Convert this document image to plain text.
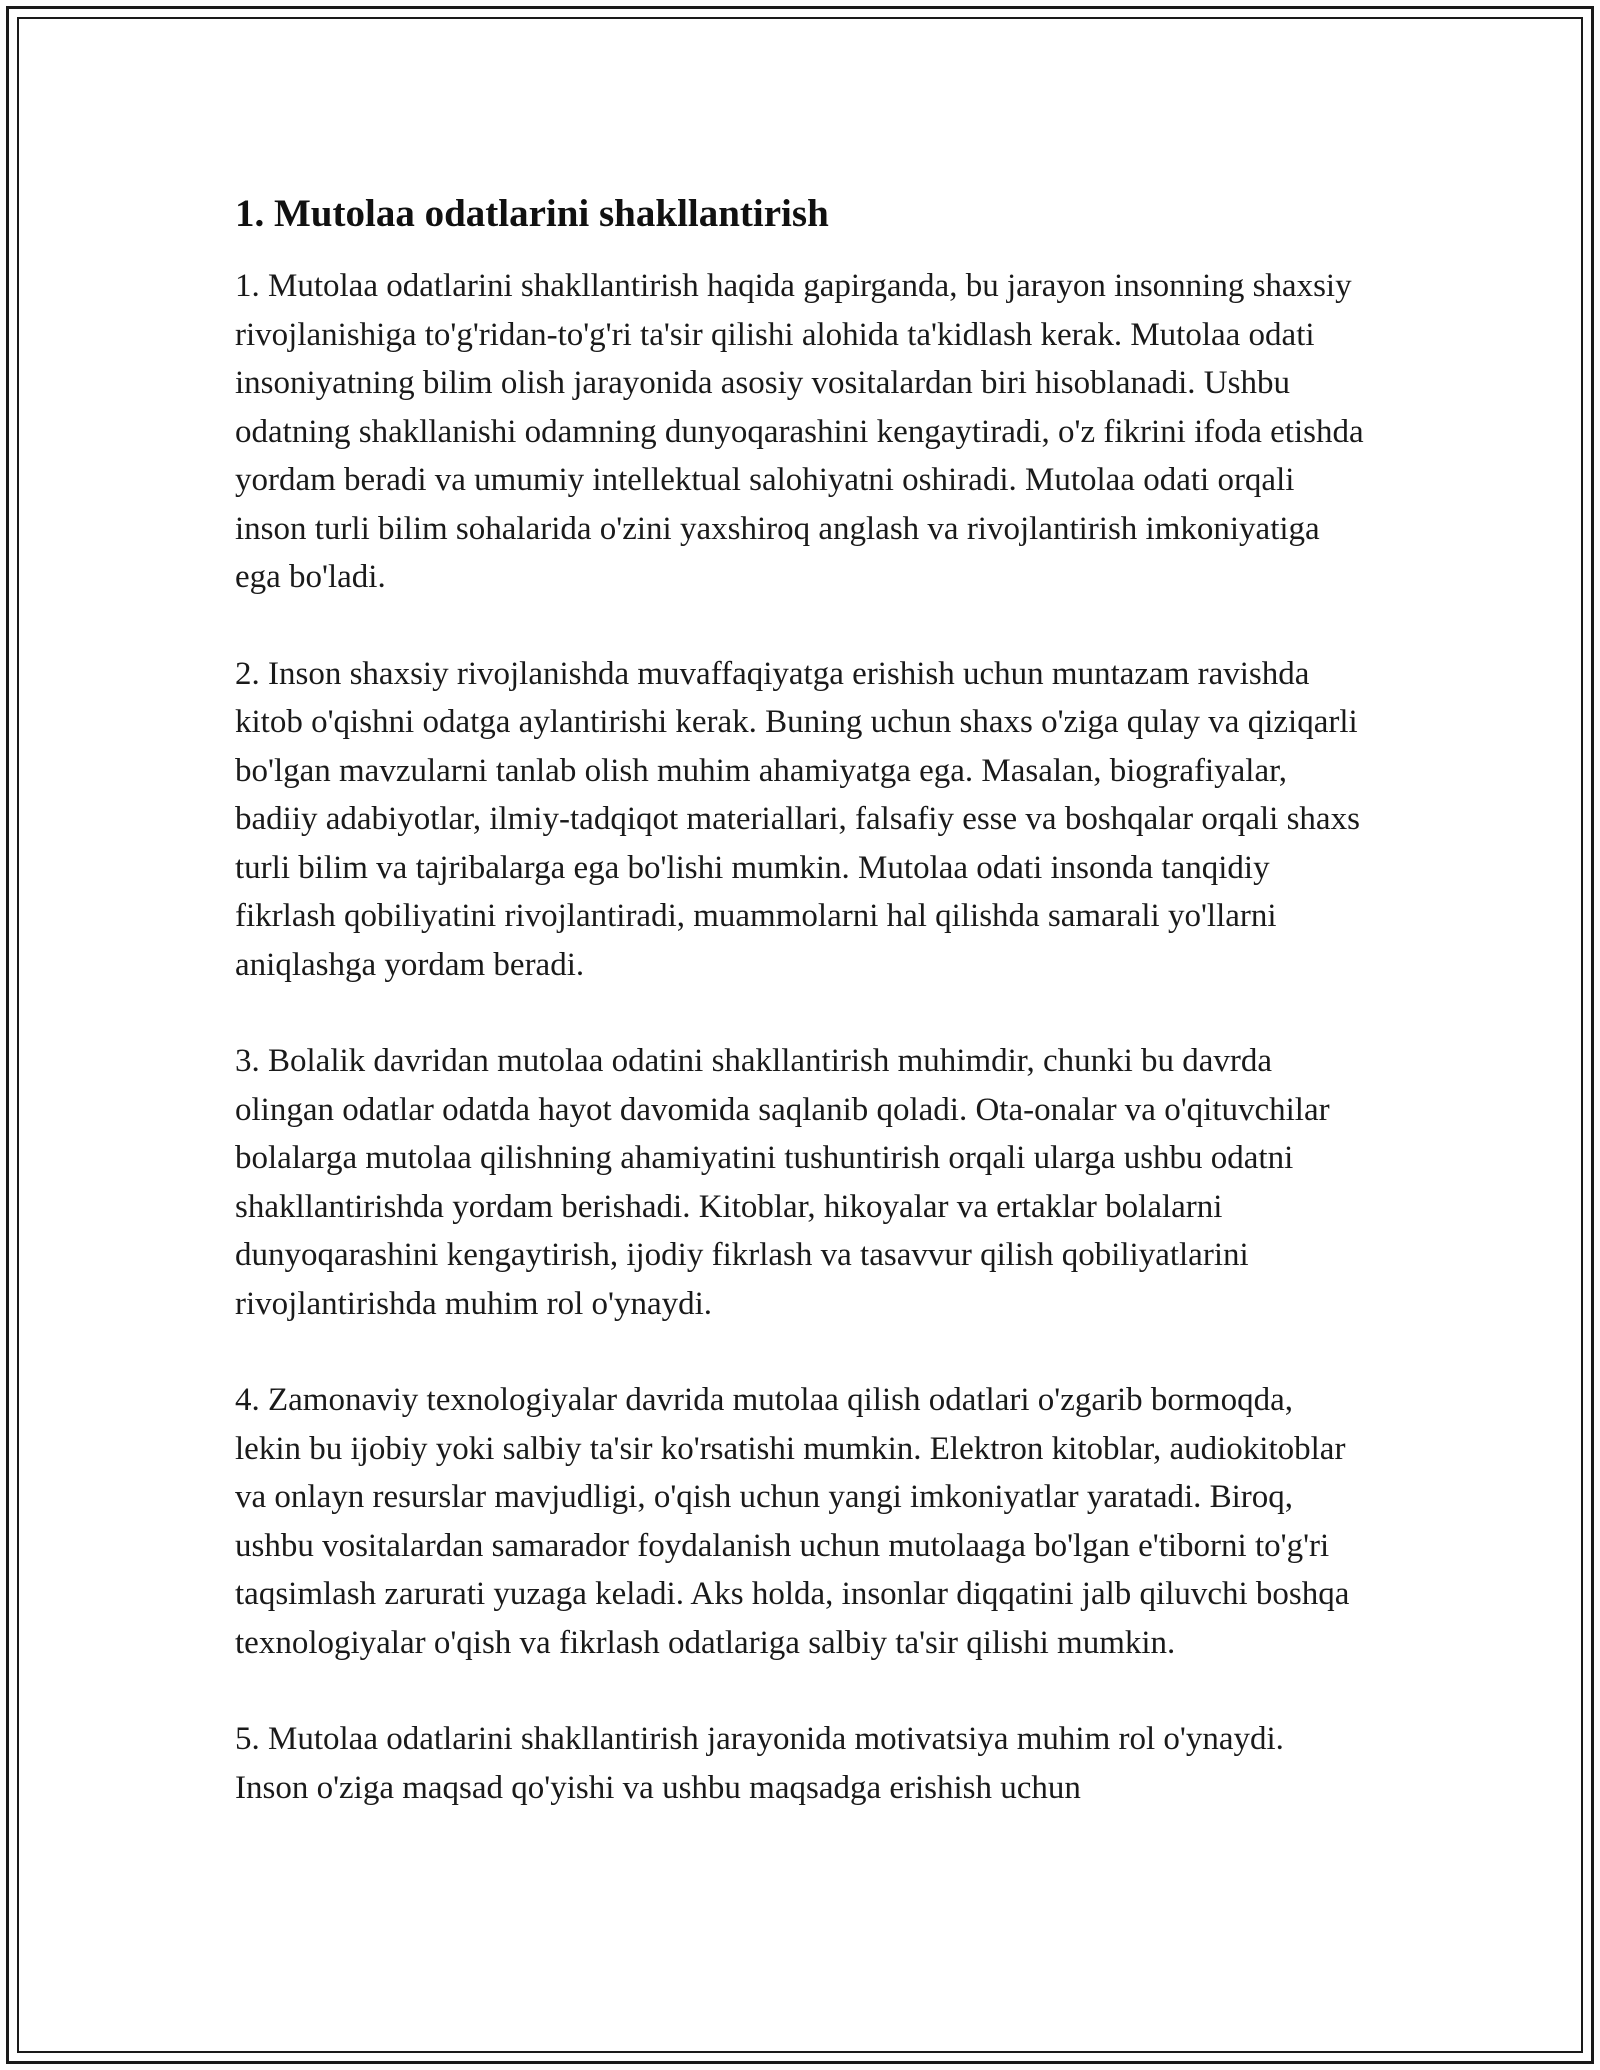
1. Mutolaa odatlarini shakllantirish

1. Mutolaa odatlarini shakllantirish haqida gapirganda, bu jarayon insonning shaxsiy rivojlanishiga to'g'ridan-to'g'ri ta'sir qilishi alohida ta'kidlash kerak. Mutolaa odati insoniyatning bilim olish jarayonida asosiy vositalardan biri hisoblanadi. Ushbu odatning shakllanishi odamning dunyoqarashini kengaytiradi, o'z fikrini ifoda etishda yordam beradi va umumiy intellektual salohiyatni oshiradi. Mutolaa odati orqali inson turli bilim sohalarida o'zini yaxshiroq anglash va rivojlantirish imkoniyatiga ega bo'ladi.

2. Inson shaxsiy rivojlanishda muvaffaqiyatga erishish uchun muntazam ravishda kitob o'qishni odatga aylantirishi kerak. Buning uchun shaxs o'ziga qulay va qiziqarli bo'lgan mavzularni tanlab olish muhim ahamiyatga ega. Masalan, biografiyalar, badiiy adabiyotlar, ilmiy-tadqiqot materiallari, falsafiy esse va boshqalar orqali shaxs turli bilim va tajribalarga ega bo'lishi mumkin. Mutolaa odati insonda tanqidiy fikrlash qobiliyatini rivojlantiradi, muammolarni hal qilishda samarali yo'llarni aniqlashga yordam beradi.

3. Bolalik davridan mutolaa odatini shakllantirish muhimdir, chunki bu davrda olingan odatlar odatda hayot davomida saqlanib qoladi. Ota-onalar va o'qituvchilar bolalarga mutolaa qilishning ahamiyatini tushuntirish orqali ularga ushbu odatni shakllantirishda yordam berishadi. Kitoblar, hikoyalar va ertaklar bolalarni dunyoqarashini kengaytirish, ijodiy fikrlash va tasavvur qilish qobiliyatlarini rivojlantirishda muhim rol o'ynaydi.

4. Zamonaviy texnologiyalar davrida mutolaa qilish odatlari o'zgarib bormoqda, lekin bu ijobiy yoki salbiy ta'sir ko'rsatishi mumkin. Elektron kitoblar, audiokitoblar va onlayn resurslar mavjudligi, o'qish uchun yangi imkoniyatlar yaratadi. Biroq, ushbu vositalardan samarador foydalanish uchun mutolaaga bo'lgan e'tiborni to'g'ri taqsimlash zarurati yuzaga keladi. Aks holda, insonlar diqqatini jalb qiluvchi boshqa texnologiyalar o'qish va fikrlash odatlariga salbiy ta'sir qilishi mumkin.

5. Mutolaa odatlarini shakllantirish jarayonida motivatsiya muhim rol o'ynaydi. Inson o'ziga maqsad qo'yishi va ushbu maqsadga erishish uchun
